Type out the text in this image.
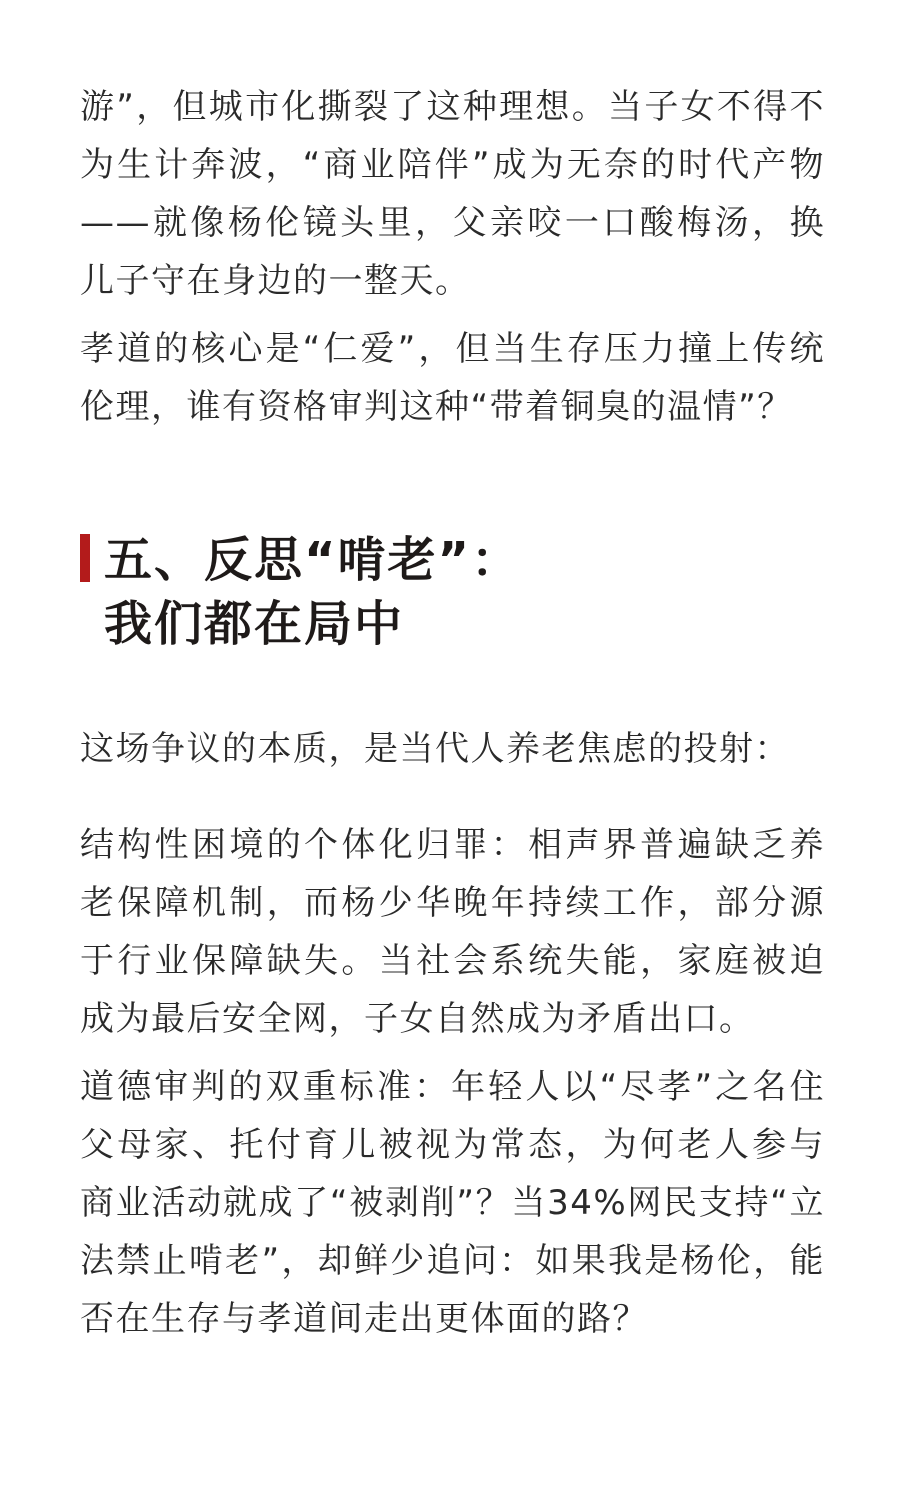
游”，但城市化撕裂了这种理想。当子女不得不为生计奔波，“商业陪伴”成为无奈的时代产物——就像杨伦镜头里，父亲咬一口酸梅汤，换儿子守在身边的一整天。

孝道的核心是“仁爱”，但当生存压力撞上传统伦理，谁有资格审判这种“带着铜臭的温情”？

五、反思“啃老”：
我们都在局中

这场争议的本质，是当代人养老焦虑的投射：

结构性困境的个体化归罪：相声界普遍缺乏养老保障机制，而杨少华晚年持续工作，部分源于行业保障缺失。当社会系统失能，家庭被迫成为最后安全网，子女自然成为矛盾出口。

道德审判的双重标准：年轻人以“尽孝”之名住父母家、托付育儿被视为常态，为何老人参与商业活动就成了“被剥削”？当34%网民支持“立法禁止啃老”，却鲜少追问：如果我是杨伦，能否在生存与孝道间走出更体面的路？
